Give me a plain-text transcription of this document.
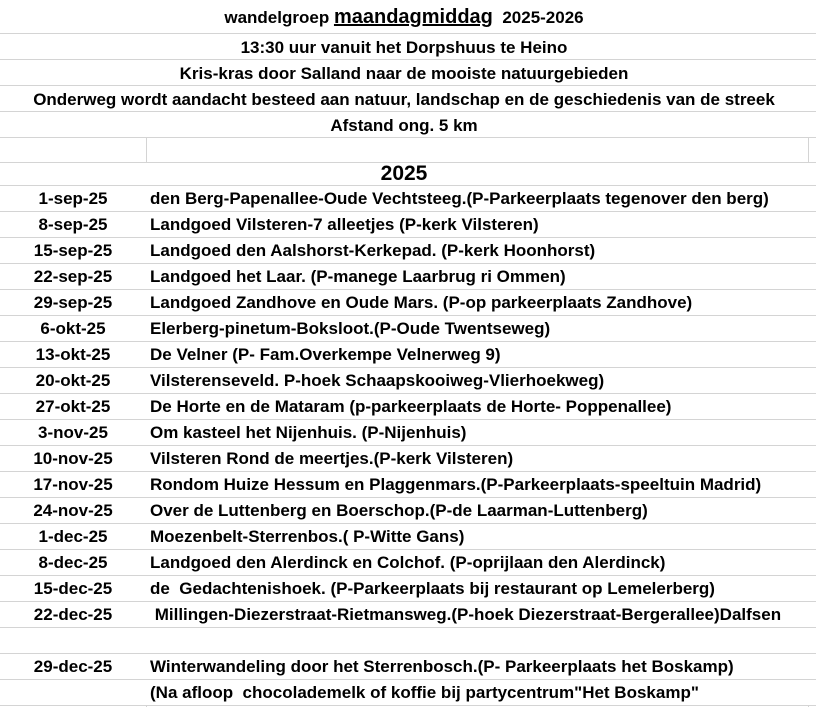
wandelgroep maandagmiddag 2025-2026
13:30 uur vanuit het Dorpshuus te Heino
Kris-kras door Salland naar de mooiste natuurgebieden
Onderweg wordt aandacht besteed aan natuur, landschap en de geschiedenis van de streek
Afstand ong. 5 km
2025
1-sep-25	den Berg-Papenallee-Oude Vechtsteeg.(P-Parkeerplaats tegenover den berg)
8-sep-25	Landgoed Vilsteren-7 alleetjes (P-kerk Vilsteren)
15-sep-25	Landgoed den Aalshorst-Kerkepad. (P-kerk Hoonhorst)
22-sep-25	Landgoed het Laar. (P-manege Laarbrug ri Ommen)
29-sep-25	Landgoed Zandhove en Oude Mars. (P-op parkeerplaats Zandhove)
6-okt-25	Elerberg-pinetum-Boksloot.(P-Oude Twentseweg)
13-okt-25	De Velner (P- Fam.Overkempe Velnerweg 9)
20-okt-25	Vilsterenseveld. P-hoek Schaapskooiweg-Vlierhoekweg)
27-okt-25	De Horte en de Mataram (p-parkeerplaats de Horte- Poppenallee)
3-nov-25	Om kasteel het Nijenhuis. (P-Nijenhuis)
10-nov-25	Vilsteren Rond de meertjes.(P-kerk Vilsteren)
17-nov-25	Rondom Huize Hessum en Plaggenmars.(P-Parkeerplaats-speeltuin Madrid)
24-nov-25	Over de Luttenberg en Boerschop.(P-de Laarman-Luttenberg)
1-dec-25	Moezenbelt-Sterrenbos.( P-Witte Gans)
8-dec-25	Landgoed den Alerdinck en Colchof. (P-oprijlaan den Alerdinck)
15-dec-25	de  Gedachtenishoek. (P-Parkeerplaats bij restaurant op Lemelerberg)
22-dec-25	Millingen-Diezerstraat-Rietmansweg.(P-hoek Diezerstraat-Bergerallee)Dalfsen
29-dec-25	Winterwandeling door het Sterrenbosch.(P- Parkeerplaats het Boskamp)
(Na afloop  chocolademelk of koffie bij partycentrum"Het Boskamp"
